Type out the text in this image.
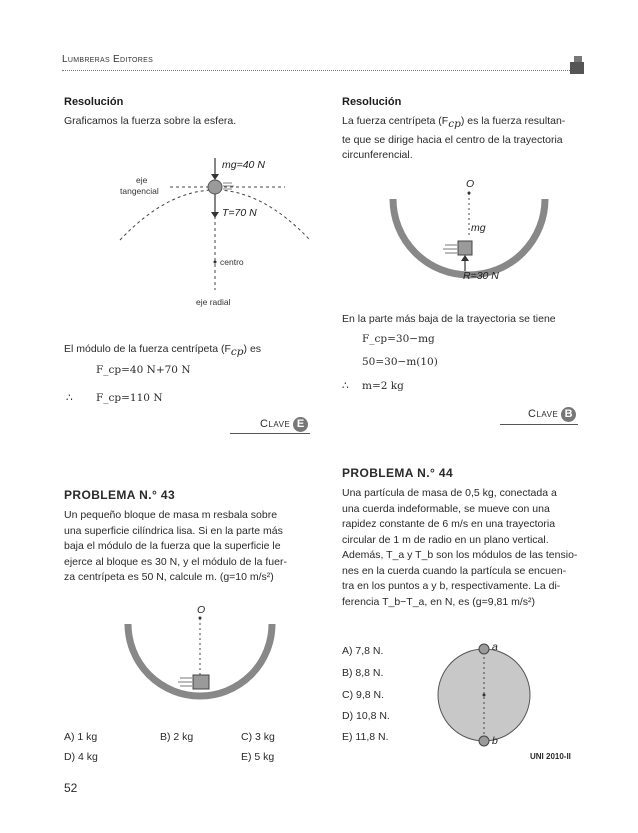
Lumbreras Editores
Resolución
Graficamos la fuerza sobre la esfera.
mg=40 N
T=70 N
eje
tangencial
centro
eje radial
El módulo de la fuerza centrípeta $(F_{cp})$ es
F_cp=40 N+70 N
∴ F_cp=110 N
Clave E
PROBLEMA N.° 43
Un pequeño bloque de masa m resbala sobre
una superficie cilíndrica lisa. Si en la parte más
baja el módulo de la fuerza que la superficie le
ejerce al bloque es 30 N, y el módulo de la fuer-
za centrípeta es 50 N, calcule m. (g=10 m/s²)
O
A) 1 kg	B) 2 kg	C) 3 kg
D) 4 kg	E) 5 kg
52
Resolución
La fuerza centrípeta $(F_{cp})$ es la fuerza resultan-
te que se dirige hacia el centro de la trayectoria
circunferencial.
O
mg
R=30 N
En la parte más baja de la trayectoria se tiene
F_cp=30−mg
50=30−m(10)
∴ m=2 kg
Clave B
PROBLEMA N.° 44
Una partícula de masa de 0,5 kg, conectada a
una cuerda indeformable, se mueve con una
rapidez constante de 6 m/s en una trayectoria
circular de 1 m de radio en un plano vertical.
Además, T_a y T_b son los módulos de las tensio-
nes en la cuerda cuando la partícula se encuen-
tra en los puntos a y b, respectivamente. La di-
ferencia T_b−T_a, en N, es (g=9,81 m/s²)
A) 7,8 N.
B) 8,8 N.
C) 9,8 N.
D) 10,8 N.
E) 11,8 N.
a
b
UNI 2010-II
